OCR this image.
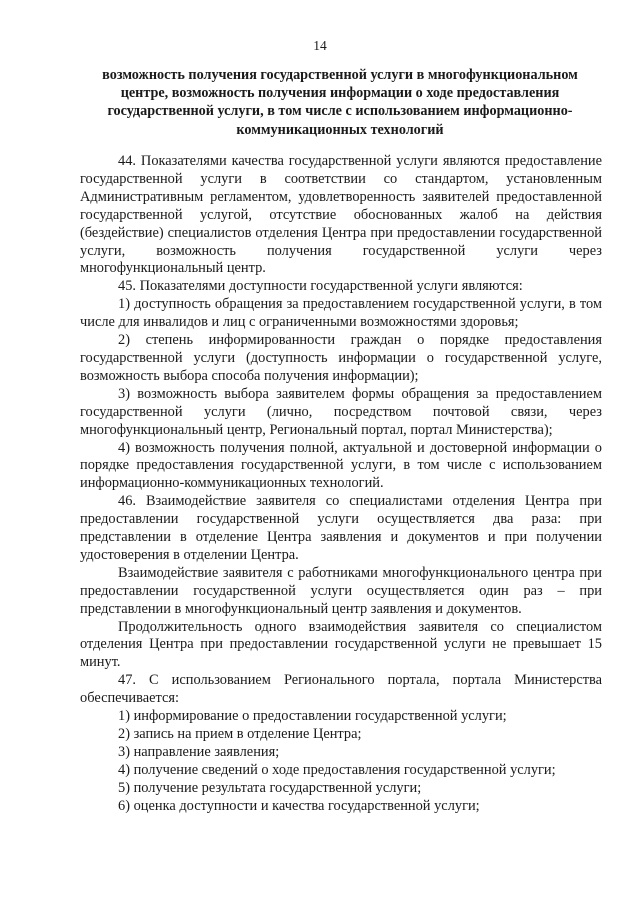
14
возможность получения государственной услуги в многофункциональном центре, возможность получения информации о ходе предоставления государственной услуги, в том числе с использованием информационно-коммуникационных технологий

44. Показателями качества государственной услуги являются предоставление государственной услуги в соответствии со стандартом, установленным Административным регламентом, удовлетворенность заявителей предоставленной государственной услугой, отсутствие обоснованных жалоб на действия (бездействие) специалистов отделения Центра при предоставлении государственной услуги, возможность получения государственной услуги через многофункциональный центр.

45. Показателями доступности государственной услуги являются:

1) доступность обращения за предоставлением государственной услуги, в том числе для инвалидов и лиц с ограниченными возможностями здоровья;

2) степень информированности граждан о порядке предоставления государственной услуги (доступность информации о государственной услуге, возможность выбора способа получения информации);

3) возможность выбора заявителем формы обращения за предоставлением государственной услуги (лично, посредством почтовой связи, через многофункциональный центр, Региональный портал, портал Министерства);

4) возможность получения полной, актуальной и достоверной информации о порядке предоставления государственной услуги, в том числе с использованием информационно-коммуникационных технологий.

46. Взаимодействие заявителя со специалистами отделения Центра при предоставлении государственной услуги осуществляется два раза: при представлении в отделение Центра заявления и документов и при получении удостоверения в отделении Центра.

Взаимодействие заявителя с работниками многофункционального центра при предоставлении государственной услуги осуществляется один раз – при представлении в многофункциональный центр заявления и документов.

Продолжительность одного взаимодействия заявителя со специалистом отделения Центра при предоставлении государственной услуги не превышает 15 минут.

47. С использованием Регионального портала, портала Министерства обеспечивается:

1) информирование о предоставлении государственной услуги;

2) запись на прием в отделение Центра;

3) направление заявления;

4) получение сведений о ходе предоставления государственной услуги;

5) получение результата государственной услуги;

6) оценка доступности и качества государственной услуги;
